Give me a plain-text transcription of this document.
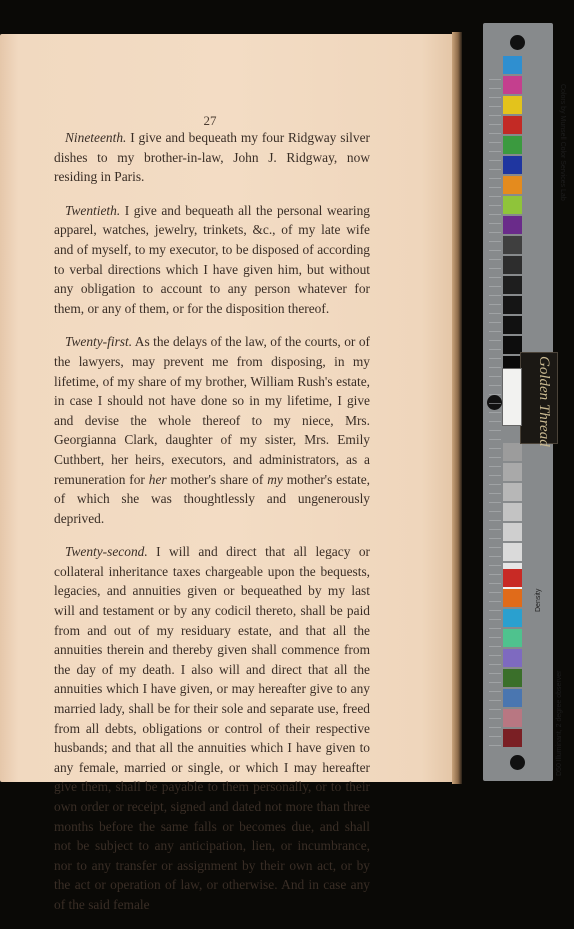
27

Nineteenth. I give and bequeath my four Ridgway silver dishes to my brother-in-law, John J. Ridgway, now residing in Paris.

Twentieth. I give and bequeath all the personal wearing apparel, watches, jewelry, trinkets, &c., of my late wife and of myself, to my executor, to be disposed of according to verbal directions which I have given him, but without any obligation to account to any person whatever for them, or any of them, or for the disposition thereof.

Twenty-first. As the delays of the law, of the courts, or of the lawyers, may prevent me from disposing, in my lifetime, of my share of my brother, William Rush's estate, in case I should not have done so in my lifetime, I give and devise the whole thereof to my niece, Mrs. Georgianna Clark, daughter of my sister, Mrs. Emily Cuthbert, her heirs, executors, and administrators, as a remuneration for her mother's share of my mother's estate, of which she was thoughtlessly and ungenerously deprived.

Twenty-second. I will and direct that all legacy or collateral inheritance taxes chargeable upon the bequests, legacies, and annuities given or bequeathed by my last will and testament or by any codicil thereto, shall be paid from and out of my residuary estate, and that all the annuities therein and thereby given shall commence from the day of my death. I also will and direct that all the annuities which I have given, or may hereafter give to any married lady, shall be for their sole and separate use, freed from all debts, obligations or control of their respective husbands; and that all the annuities which I have given to any female, married or single, or which I may hereafter give them, shall be payable to them personally, or to their own order or receipt, signed and dated not more than three months before the same falls or becomes due, and shall not be subject to any anticipation, lien, or incumbrance, nor to any transfer or assignment by their own act, or by the act or operation of law, or otherwise. And in case any of the said female

Colors by Munsell Color Services Lab
D50 Illuminant, 2 degree observer
Density
Golden Thread
